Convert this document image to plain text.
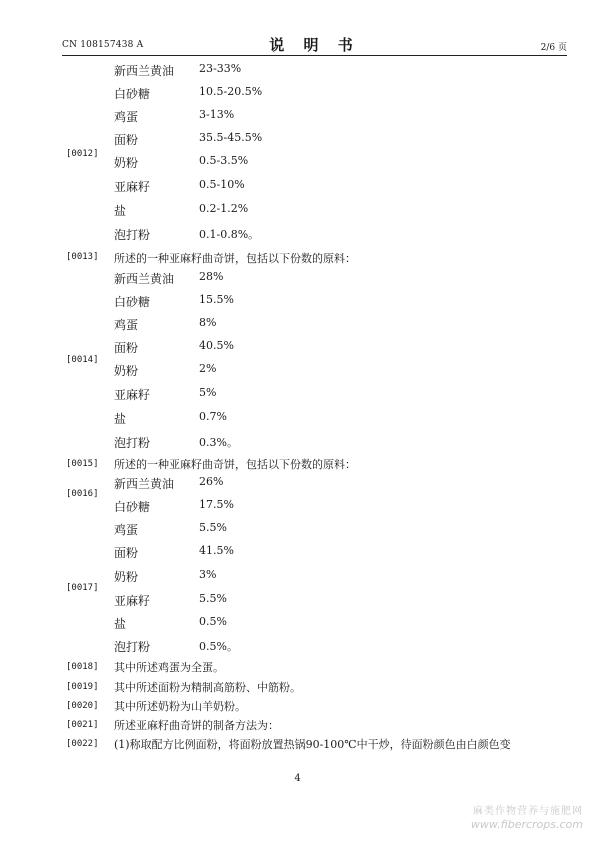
CN 108157438 A	说 明 书	2/6 页
新西兰黄油 23-33%
白砂糖	10.5-20.5%
鸡蛋	3-13%
面粉	35.5-45.5%
[0012]
奶粉	0.5-3.5%
亚麻籽	0.5-10%
盐	0.2-1.2%
泡打粉	0.1-0.8%。
[0013] 所述的一种亚麻籽曲奇饼，包括以下份数的原料：
新西兰黄油 28%
白砂糖	15.5%
鸡蛋	8%
面粉	40.5%
[0014]
奶粉	2%
亚麻籽	5%
盐	0.7%
泡打粉	0.3%。
[0015] 所述的一种亚麻籽曲奇饼，包括以下份数的原料：
新西兰黄油 26%
[0016]
白砂糖	17.5%
鸡蛋	5.5%
面粉	41.5%
奶粉	3%
[0017]
亚麻籽	5.5%
盐	0.5%
泡打粉	0.5%。
[0018] 其中所述鸡蛋为全蛋。
[0019] 其中所述面粉为精制高筋粉、中筋粉。
[0020] 其中所述奶粉为山羊奶粉。
[0021] 所述亚麻籽曲奇饼的制备方法为：
[0022] (1)称取配方比例面粉，将面粉放置热锅90-100℃中干炒，待面粉颜色由白颜色变
4
麻类作物营养与施肥网
www.fibercrops.com
